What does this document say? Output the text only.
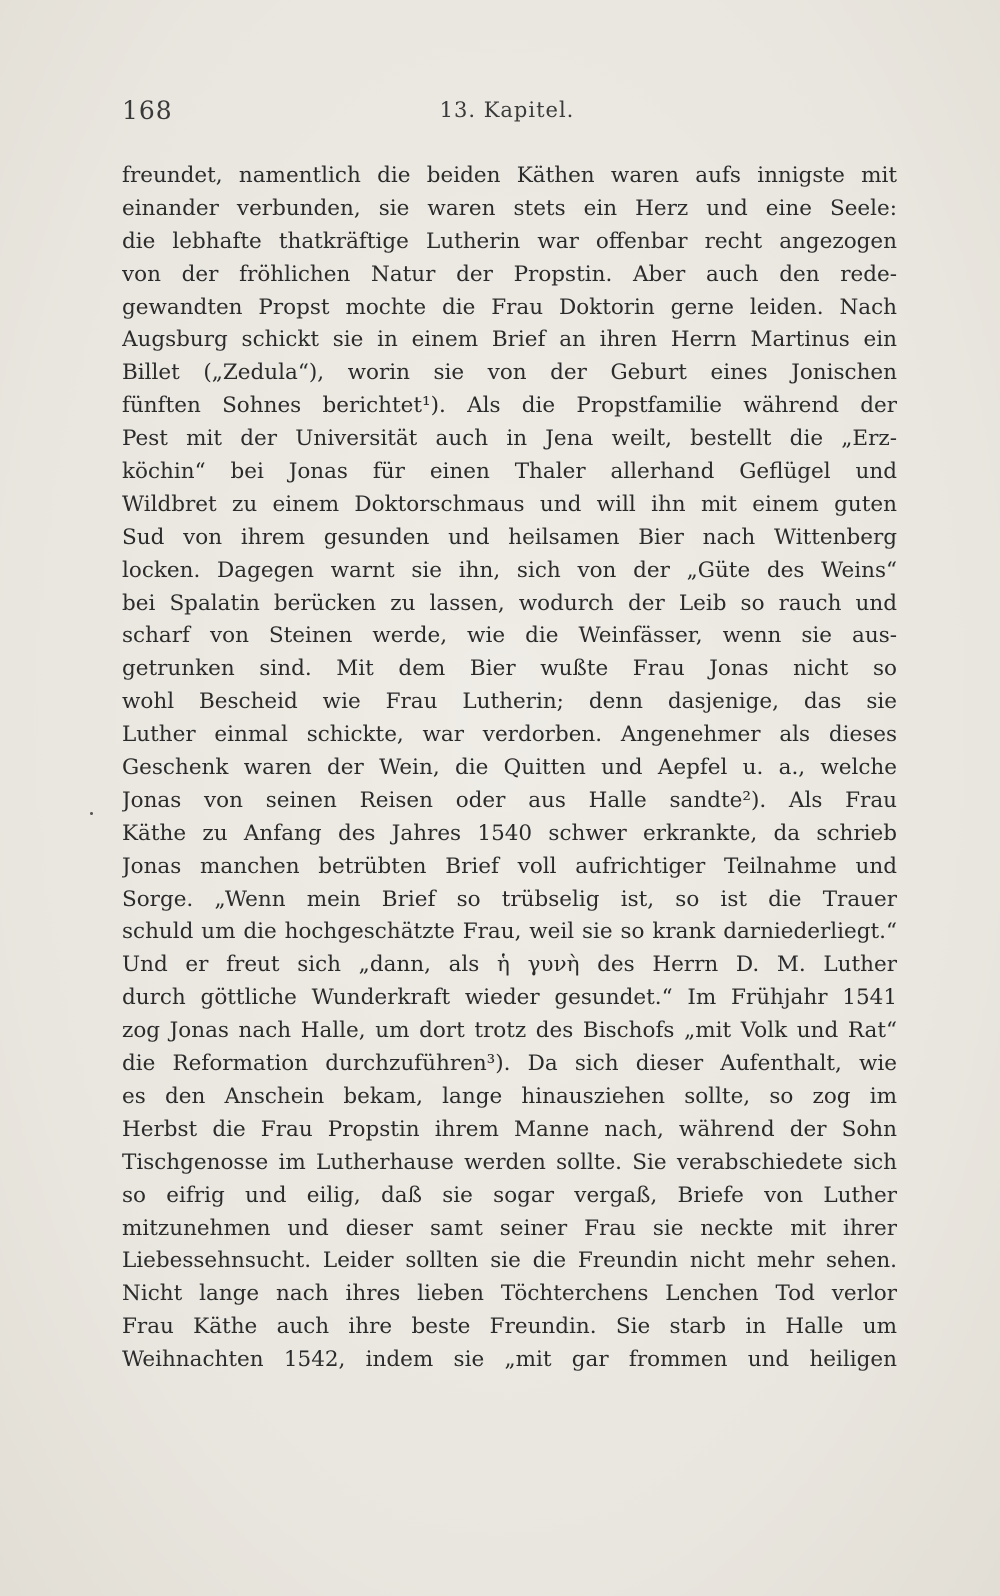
168	13. Kapitel.
freundet, namentlich die beiden Käthen waren aufs innigste mit
einander verbunden, sie waren stets ein Herz und eine Seele:
die lebhafte thatkräftige Lutherin war offenbar recht angezogen
von der fröhlichen Natur der Propstin. Aber auch den rede-
gewandten Propst mochte die Frau Doktorin gerne leiden. Nach
Augsburg schickt sie in einem Brief an ihren Herrn Martinus ein
Billet („Zedula“), worin sie von der Geburt eines Jonischen
fünften Sohnes berichtet¹). Als die Propstfamilie während der
Pest mit der Universität auch in Jena weilt, bestellt die „Erz-
köchin“ bei Jonas für einen Thaler allerhand Geflügel und
Wildbret zu einem Doktorschmaus und will ihn mit einem guten
Sud von ihrem gesunden und heilsamen Bier nach Wittenberg
locken. Dagegen warnt sie ihn, sich von der „Güte des Weins“
bei Spalatin berücken zu lassen, wodurch der Leib so rauch und
scharf von Steinen werde, wie die Weinfässer, wenn sie aus-
getrunken sind. Mit dem Bier wußte Frau Jonas nicht so
wohl Bescheid wie Frau Lutherin; denn dasjenige, das sie
Luther einmal schickte, war verdorben. Angenehmer als dieses
Geschenk waren der Wein, die Quitten und Aepfel u. a., welche
Jonas von seinen Reisen oder aus Halle sandte²). Als Frau
Käthe zu Anfang des Jahres 1540 schwer erkrankte, da schrieb
Jonas manchen betrübten Brief voll aufrichtiger Teilnahme und
Sorge. „Wenn mein Brief so trübselig ist, so ist die Trauer
schuld um die hochgeschätzte Frau, weil sie so krank darniederliegt.“
Und er freut sich „dann, als ἡ γυνὴ des Herrn D. M. Luther
durch göttliche Wunderkraft wieder gesundet.“ Im Frühjahr 1541
zog Jonas nach Halle, um dort trotz des Bischofs „mit Volk und Rat“
die Reformation durchzuführen³). Da sich dieser Aufenthalt, wie
es den Anschein bekam, lange hinausziehen sollte, so zog im
Herbst die Frau Propstin ihrem Manne nach, während der Sohn
Tischgenosse im Lutherhause werden sollte. Sie verabschiedete sich
so eifrig und eilig, daß sie sogar vergaß, Briefe von Luther
mitzunehmen und dieser samt seiner Frau sie neckte mit ihrer
Liebessehnsucht. Leider sollten sie die Freundin nicht mehr sehen.
Nicht lange nach ihres lieben Töchterchens Lenchen Tod verlor
Frau Käthe auch ihre beste Freundin. Sie starb in Halle um
Weihnachten 1542, indem sie „mit gar frommen und heiligen
